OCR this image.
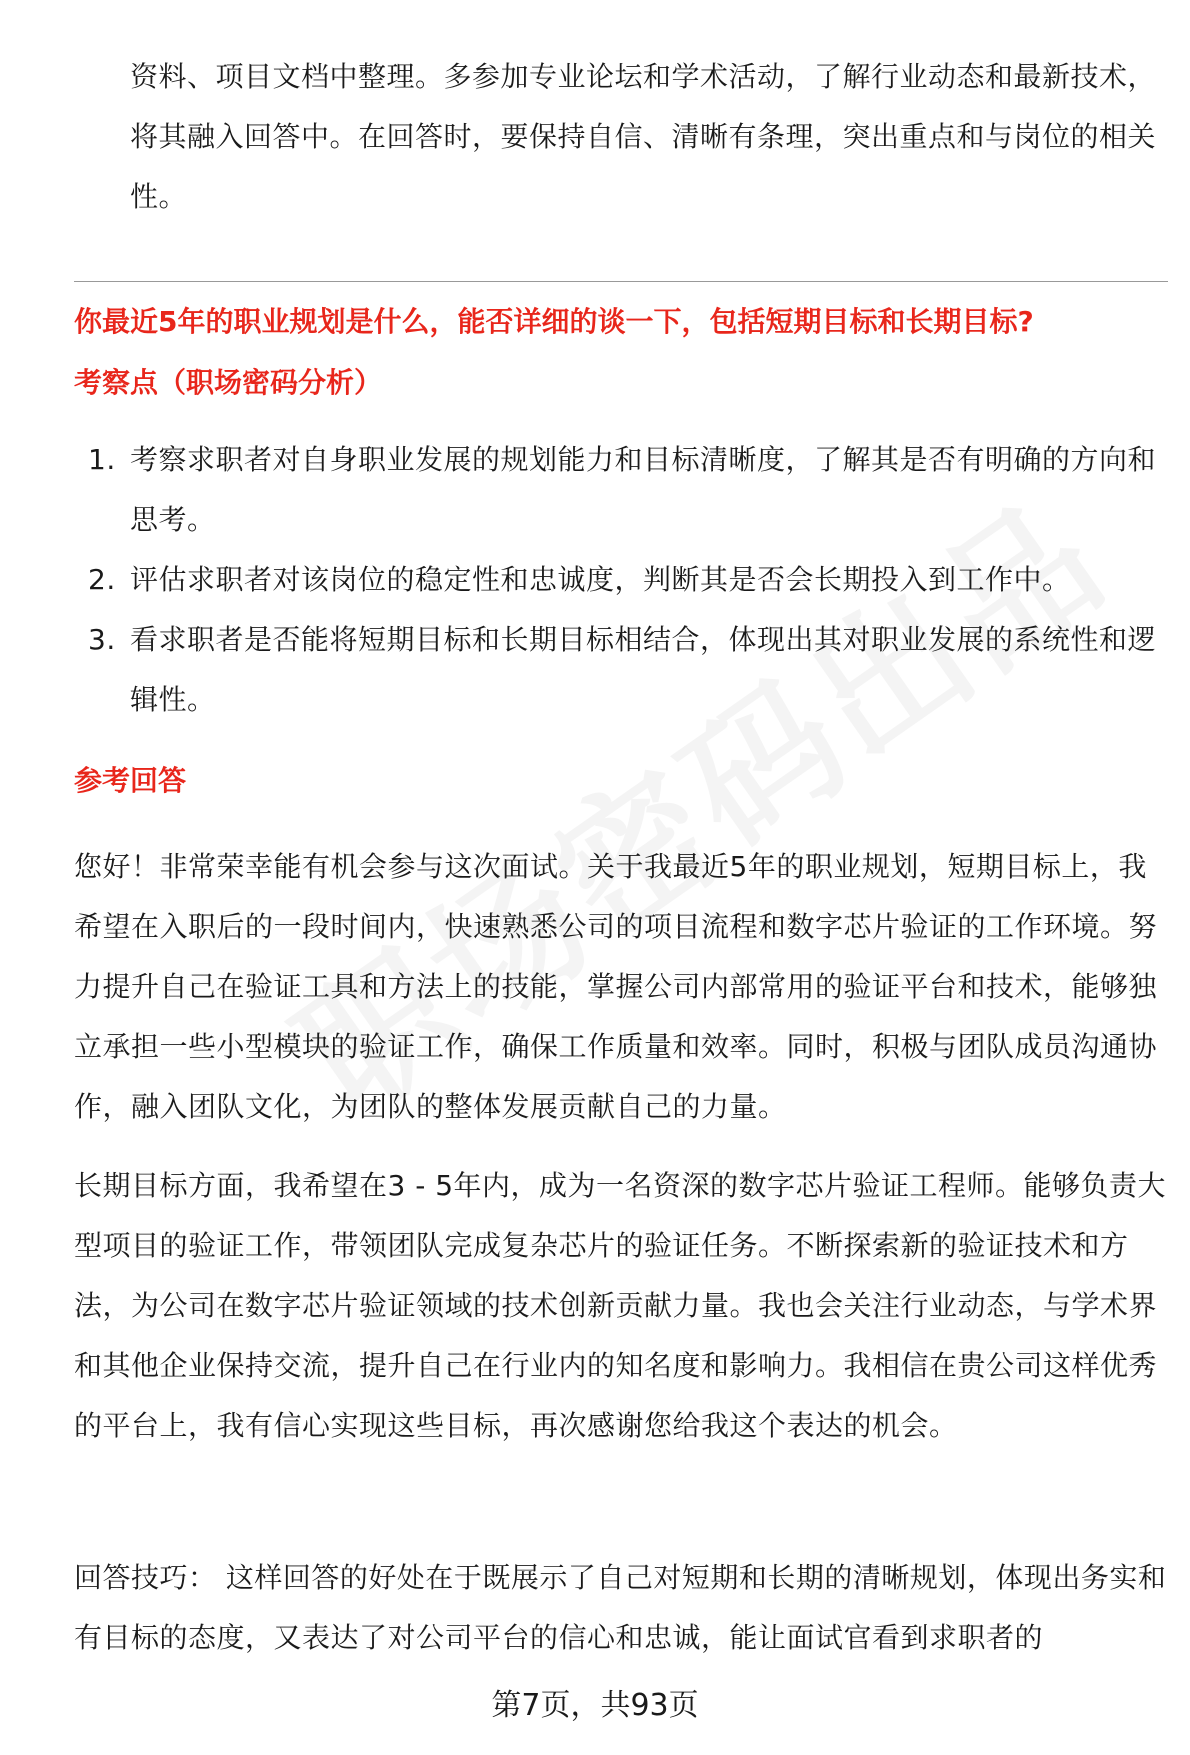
资料、项目文档中整理。多参加专业论坛和学术活动，了解行业动态和最新技术，将其融入回答中。在回答时，要保持自信、清晰有条理，突出重点和与岗位的相关性。
你最近5年的职业规划是什么，能否详细的谈一下，包括短期目标和长期目标?
考察点（职场密码分析）
1. 考察求职者对自身职业发展的规划能力和目标清晰度，了解其是否有明确的方向和思考。
2. 评估求职者对该岗位的稳定性和忠诚度，判断其是否会长期投入到工作中。
3. 看求职者是否能将短期目标和长期目标相结合，体现出其对职业发展的系统性和逻辑性。
参考回答
您好！非常荣幸能有机会参与这次面试。关于我最近5年的职业规划，短期目标上，我希望在入职后的一段时间内，快速熟悉公司的项目流程和数字芯片验证的工作环境。努力提升自己在验证工具和方法上的技能，掌握公司内部常用的验证平台和技术，能够独立承担一些小型模块的验证工作，确保工作质量和效率。同时，积极与团队成员沟通协作，融入团队文化，为团队的整体发展贡献自己的力量。
长期目标方面，我希望在3 - 5年内，成为一名资深的数字芯片验证工程师。能够负责大型项目的验证工作，带领团队完成复杂芯片的验证任务。不断探索新的验证技术和方法，为公司在数字芯片验证领域的技术创新贡献力量。我也会关注行业动态，与学术界和其他企业保持交流，提升自己在行业内的知名度和影响力。我相信在贵公司这样优秀的平台上，我有信心实现这些目标，再次感谢您给我这个表达的机会。
回答技巧： 这样回答的好处在于既展示了自己对短期和长期的清晰规划，体现出务实和有目标的态度，又表达了对公司平台的信心和忠诚，能让面试官看到求职者的
第7页，共93页
